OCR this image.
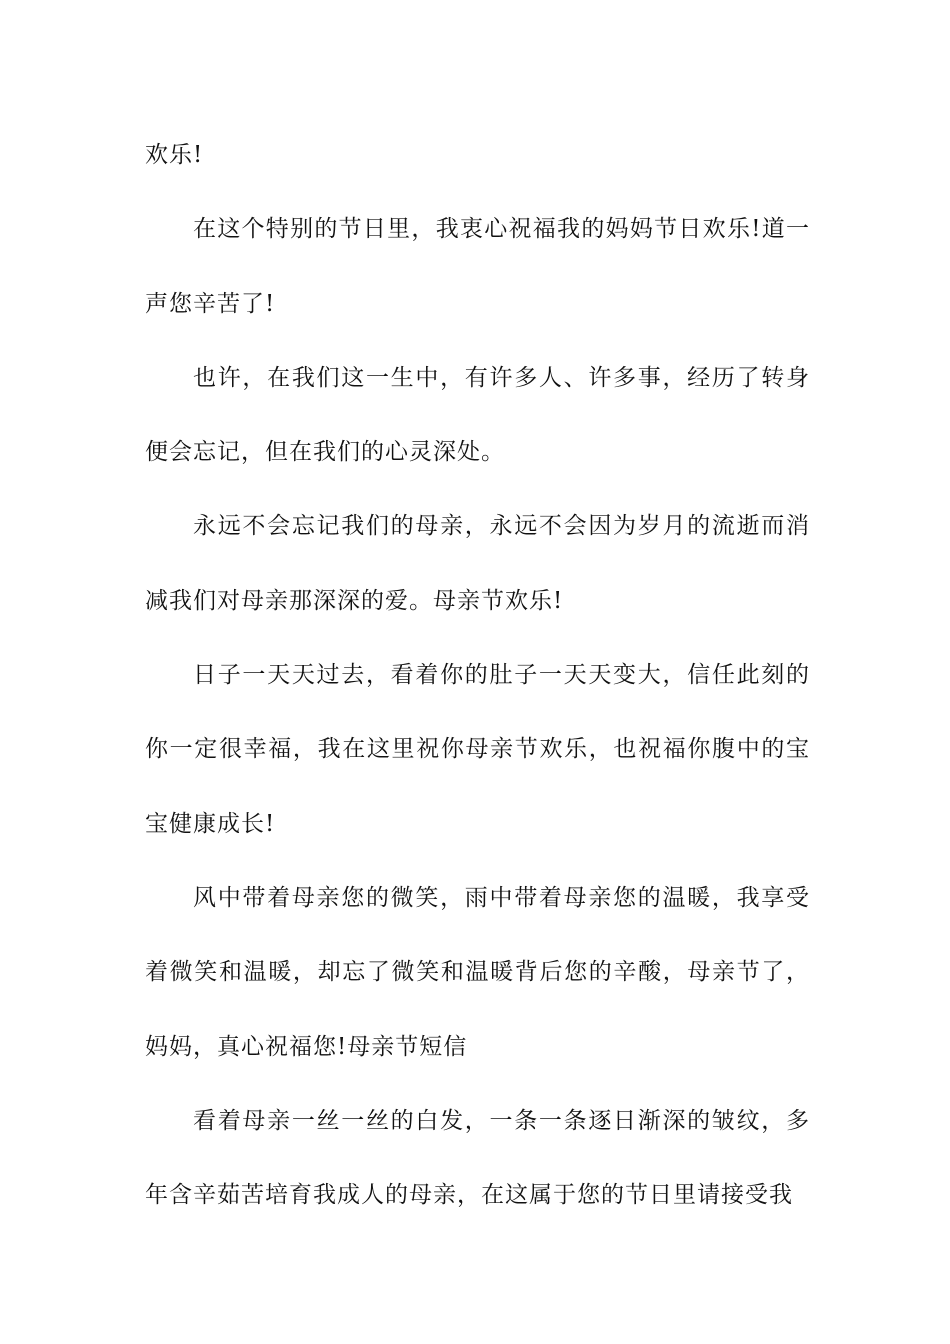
欢乐!

在这个特别的节日里，我衷心祝福我的妈妈节日欢乐!道一声您辛苦了!

也许，在我们这一生中，有许多人、许多事，经历了转身便会忘记，但在我们的心灵深处。

永远不会忘记我们的母亲，永远不会因为岁月的流逝而消减我们对母亲那深深的爱。母亲节欢乐!

日子一天天过去，看着你的肚子一天天变大，信任此刻的你一定很幸福，我在这里祝你母亲节欢乐，也祝福你腹中的宝宝健康成长!

风中带着母亲您的微笑，雨中带着母亲您的温暖，我享受着微笑和温暖，却忘了微笑和温暖背后您的辛酸，母亲节了，妈妈，真心祝福您!母亲节短信

看着母亲一丝一丝的白发，一条一条逐日渐深的皱纹，多年含辛茹苦培育我成人的母亲，在这属于您的节日里请接受我
